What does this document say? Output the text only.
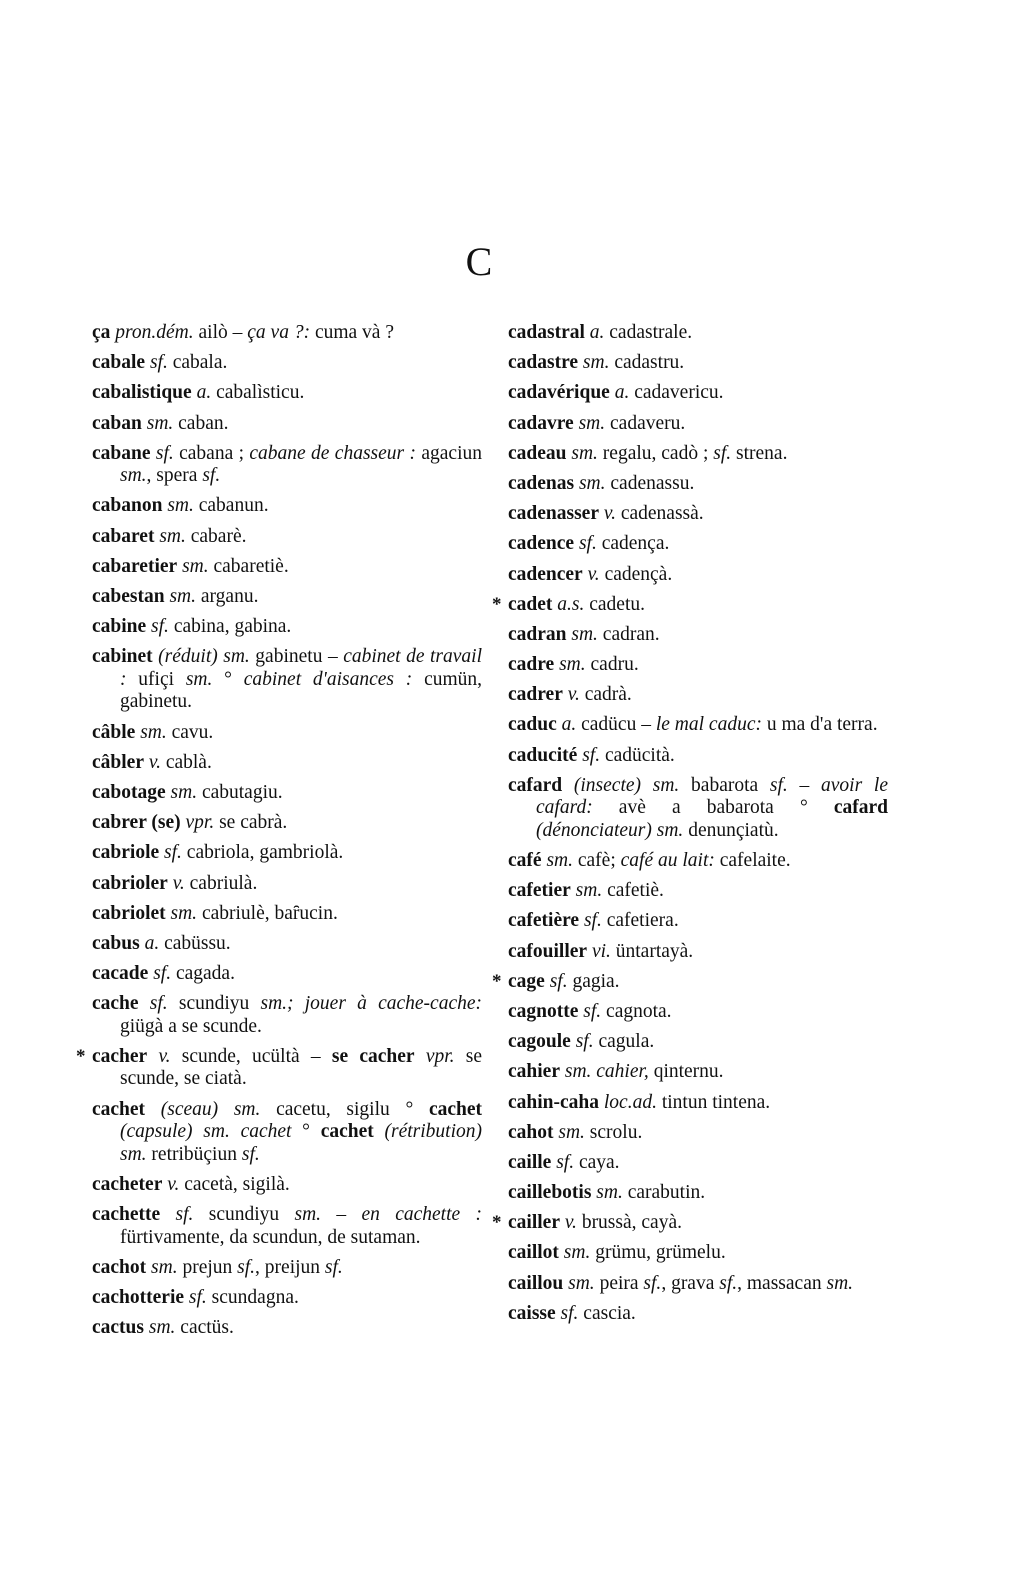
C

ça pron.dém. ailò – ça va ?: cuma và ?

cabale sf. cabala.

cabalistique a. cabalìsticu.

caban sm. caban.

cabane sf. cabana ; cabane de chasseur : agaciun sm., spera sf.

cabanon sm. cabanun.

cabaret sm. cabarè.

cabaretier sm. cabaretiè.

cabestan sm. arganu.

cabine sf. cabina, gabina.

cabinet (réduit) sm. gabinetu – cabinet de travail : ufiçi sm. ° cabinet d'aisances : cumün, gabinetu.

câble sm. cavu.

câbler v. cablà.

cabotage sm. cabutagiu.

cabrer (se) vpr. se cabrà.

cabriole sf. cabriola, gambriolà.

cabrioler v. cabriulà.

cabriolet sm. cabriulè, baȓucin.

cabus a. cabüssu.

cacade sf. cagada.

cache sf. scundiyu sm.; jouer à cache-cache: giügà a se scunde.

* cacher v. scunde, ucültà – se cacher vpr. se scunde, se ciatà.

cachet (sceau) sm. cacetu, sigilu ° cachet (capsule) sm. cachet ° cachet (rétribution) sm. retribüçiun sf.

cacheter v. cacetà, sigilà.

cachette sf. scundiyu sm. – en cachette : fürtivamente, da scundun, de sutaman.

cachot sm. prejun sf., preijun sf.

cachotterie sf. scundagna.

cactus sm. cactüs.

cadastral a. cadastrale.

cadastre sm. cadastru.

cadavérique a. cadavericu.

cadavre sm. cadaveru.

cadeau sm. regalu, cadò ; sf. strena.

cadenas sm. cadenassu.

cadenasser v. cadenassà.

cadence sf. cadença.

cadencer v. cadençà.

* cadet a.s. cadetu.

cadran sm. cadran.

cadre sm. cadru.

cadrer v. cadrà.

caduc a. cadücu – le mal caduc: u ma d'a terra.

caducité sf. cadücità.

cafard (insecte) sm. babarota sf. – avoir le cafard: avè a babarota ° cafard (dénonciateur) sm. denunçiatù.

café sm. cafè; café au lait: cafelaite.

cafetier sm. cafetiè.

cafetière sf. cafetiera.

cafouiller vi. üntartayà.

* cage sf. gagia.

cagnotte sf. cagnota.

cagoule sf. cagula.

cahier sm. cahier, qinternu.

cahin-caha loc.ad. tintun tintena.

cahot sm. scrolu.

caille sf. caya.

caillebotis sm. carabutin.

* cailler v. brussà, cayà.

caillot sm. grümu, grümelu.

caillou sm. peira sf., grava sf., massacan sm.

caisse sf. cascia.
